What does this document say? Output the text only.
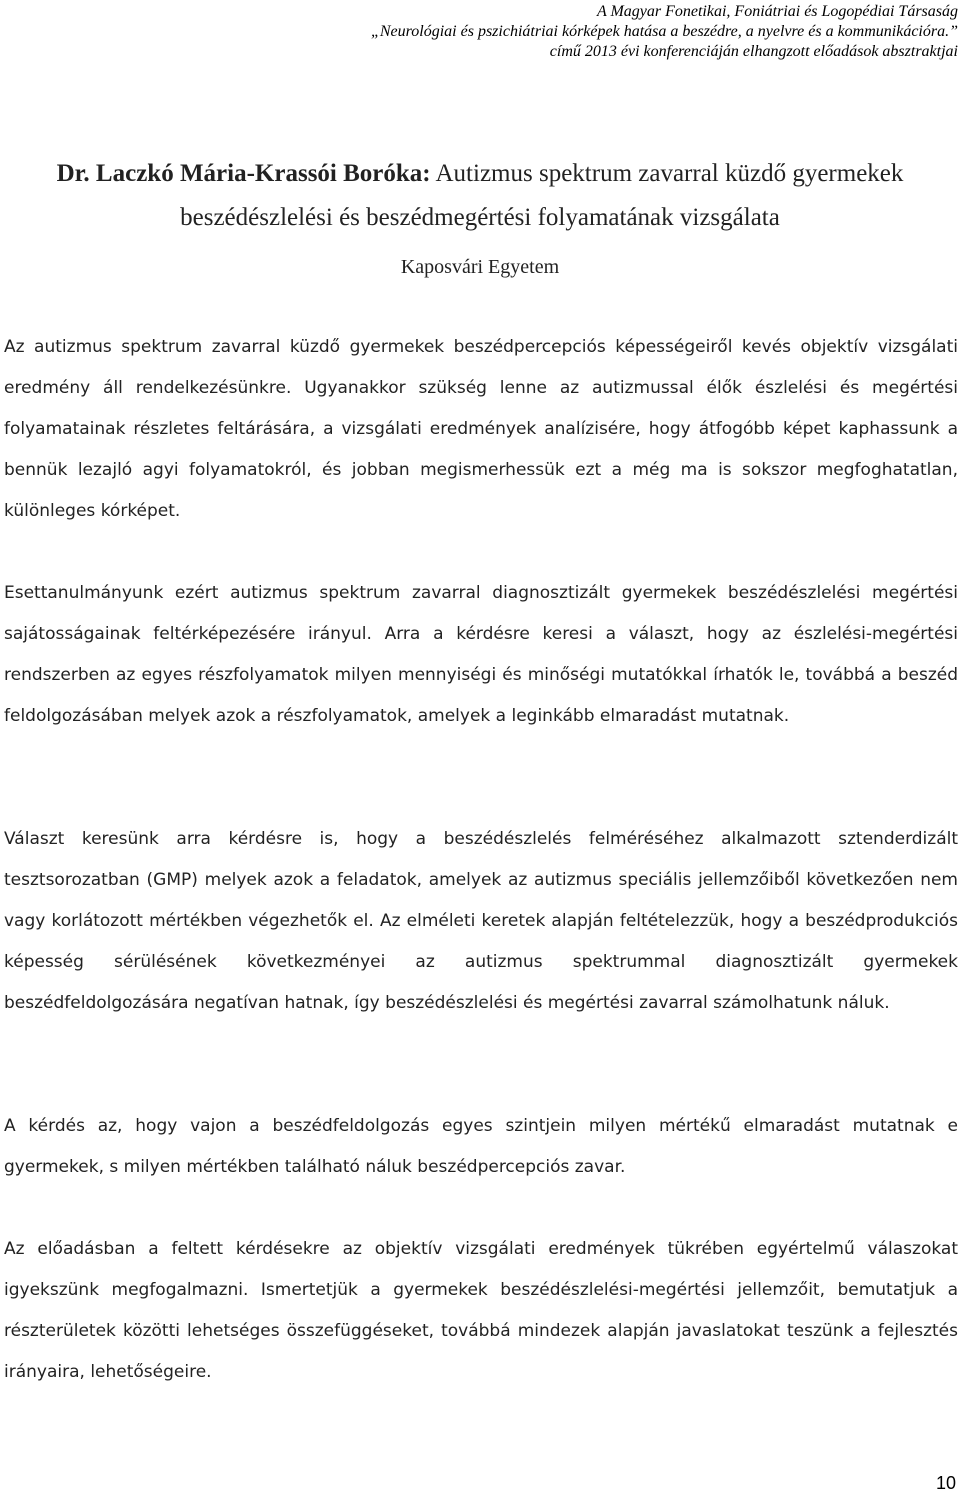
A Magyar Fonetikai, Foniátriai és Logopédiai Társaság
„Neurológiai és pszichiátriai kórképek hatása a beszédre, a nyelvre és a kommunikációra.”
című 2013 évi konferenciáján elhangzott előadások absztraktjai
Dr. Laczkó Mária-Krassói Boróka: Autizmus spektrum zavarral küzdő gyermekek
beszédészlelési és beszédmegértési folyamatának vizsgálata
Kaposvári Egyetem

Az autizmus spektrum zavarral küzdő gyermekek beszédpercepciós képességeiről kevés objektív vizsgálati eredmény áll rendelkezésünkre. Ugyanakkor szükség lenne az autizmussal élők észlelési és megértési folyamatainak részletes feltárására, a vizsgálati eredmények analízisére, hogy átfogóbb képet kaphassunk a bennük lezajló agyi folyamatokról, és jobban megismerhessük ezt a még ma is sokszor megfoghatatlan, különleges kórképet.

Esettanulmányunk ezért autizmus spektrum zavarral diagnosztizált gyermekek beszédészlelési megértési sajátosságainak feltérképezésére irányul. Arra a kérdésre keresi a választ, hogy az észlelési-megértési rendszerben az egyes részfolyamatok milyen mennyiségi és minőségi mutatókkal írhatók le, továbbá a beszéd feldolgozásában melyek azok a részfolyamatok, amelyek a leginkább elmaradást mutatnak.

Választ keresünk arra kérdésre is, hogy a beszédészlelés felméréséhez alkalmazott sztenderdizált tesztsorozatban (GMP) melyek azok a feladatok, amelyek az autizmus speciális jellemzőiből következően nem vagy korlátozott mértékben végezhetők el. Az elméleti keretek alapján feltételezzük, hogy a beszédprodukciós képesség sérülésének következményei az autizmus spektrummal diagnosztizált gyermekek beszédfeldolgozására negatívan hatnak, így beszédészlelési és megértési zavarral számolhatunk náluk.

A kérdés az, hogy vajon a beszédfeldolgozás egyes szintjein milyen mértékű elmaradást mutatnak e gyermekek, s milyen mértékben található náluk beszédpercepciós zavar.

Az előadásban a feltett kérdésekre az objektív vizsgálati eredmények tükrében egyértelmű válaszokat igyekszünk megfogalmazni. Ismertetjük a gyermekek beszédészlelési-megértési jellemzőit, bemutatjuk a részterületek közötti lehetséges összefüggéseket, továbbá mindezek alapján javaslatokat teszünk a fejlesztés irányaira, lehetőségeire.

10
